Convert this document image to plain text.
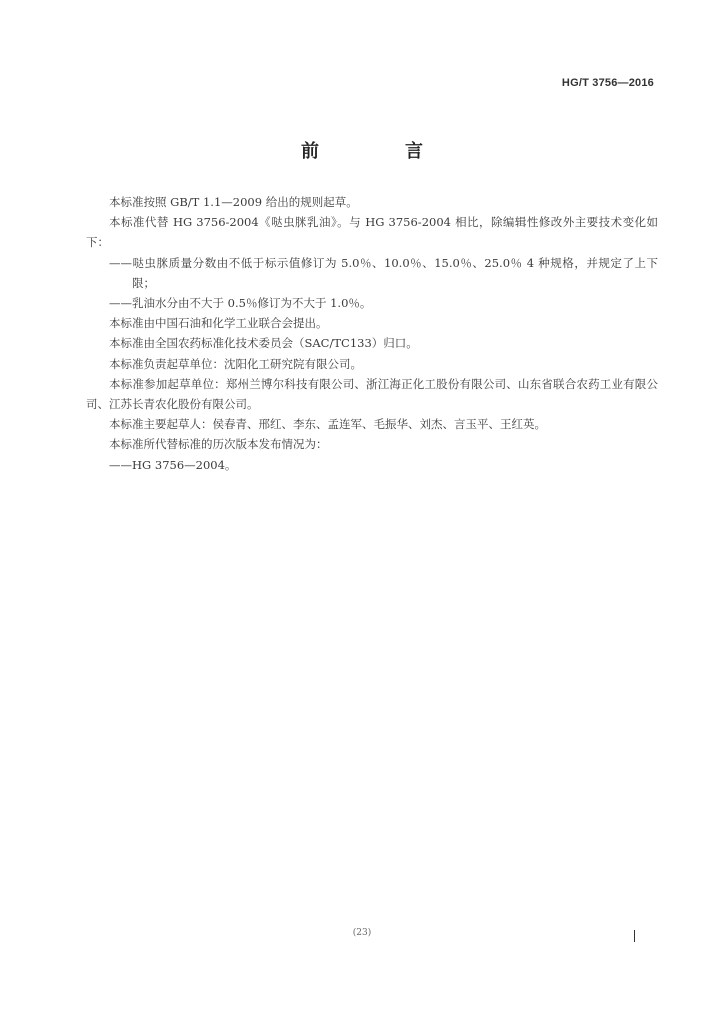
HG/T 3756—2016
前　言

本标准按照 GB/T 1.1—2009 给出的规则起草。

本标准代替 HG 3756-2004《哒虫脒乳油》。与 HG 3756-2004 相比，除编辑性修改外主要技术变化如下：

——哒虫脒质量分数由不低于标示值修订为 5.0％、10.0％、15.0％、25.0％ 4 种规格，并规定了上下限；

——乳油水分由不大于 0.5％修订为不大于 1.0％。

本标准由中国石油和化学工业联合会提出。

本标准由全国农药标准化技术委员会（SAC/TC133）归口。

本标准负责起草单位：沈阳化工研究院有限公司。

本标准参加起草单位：郑州兰博尔科技有限公司、浙江海正化工股份有限公司、山东省联合农药工业有限公司、江苏长青农化股份有限公司。

本标准主要起草人：侯春青、邢红、李东、孟连军、毛振华、刘杰、言玉平、王红英。

本标准所代替标准的历次版本发布情况为：

——HG 3756—2004。

(23)
